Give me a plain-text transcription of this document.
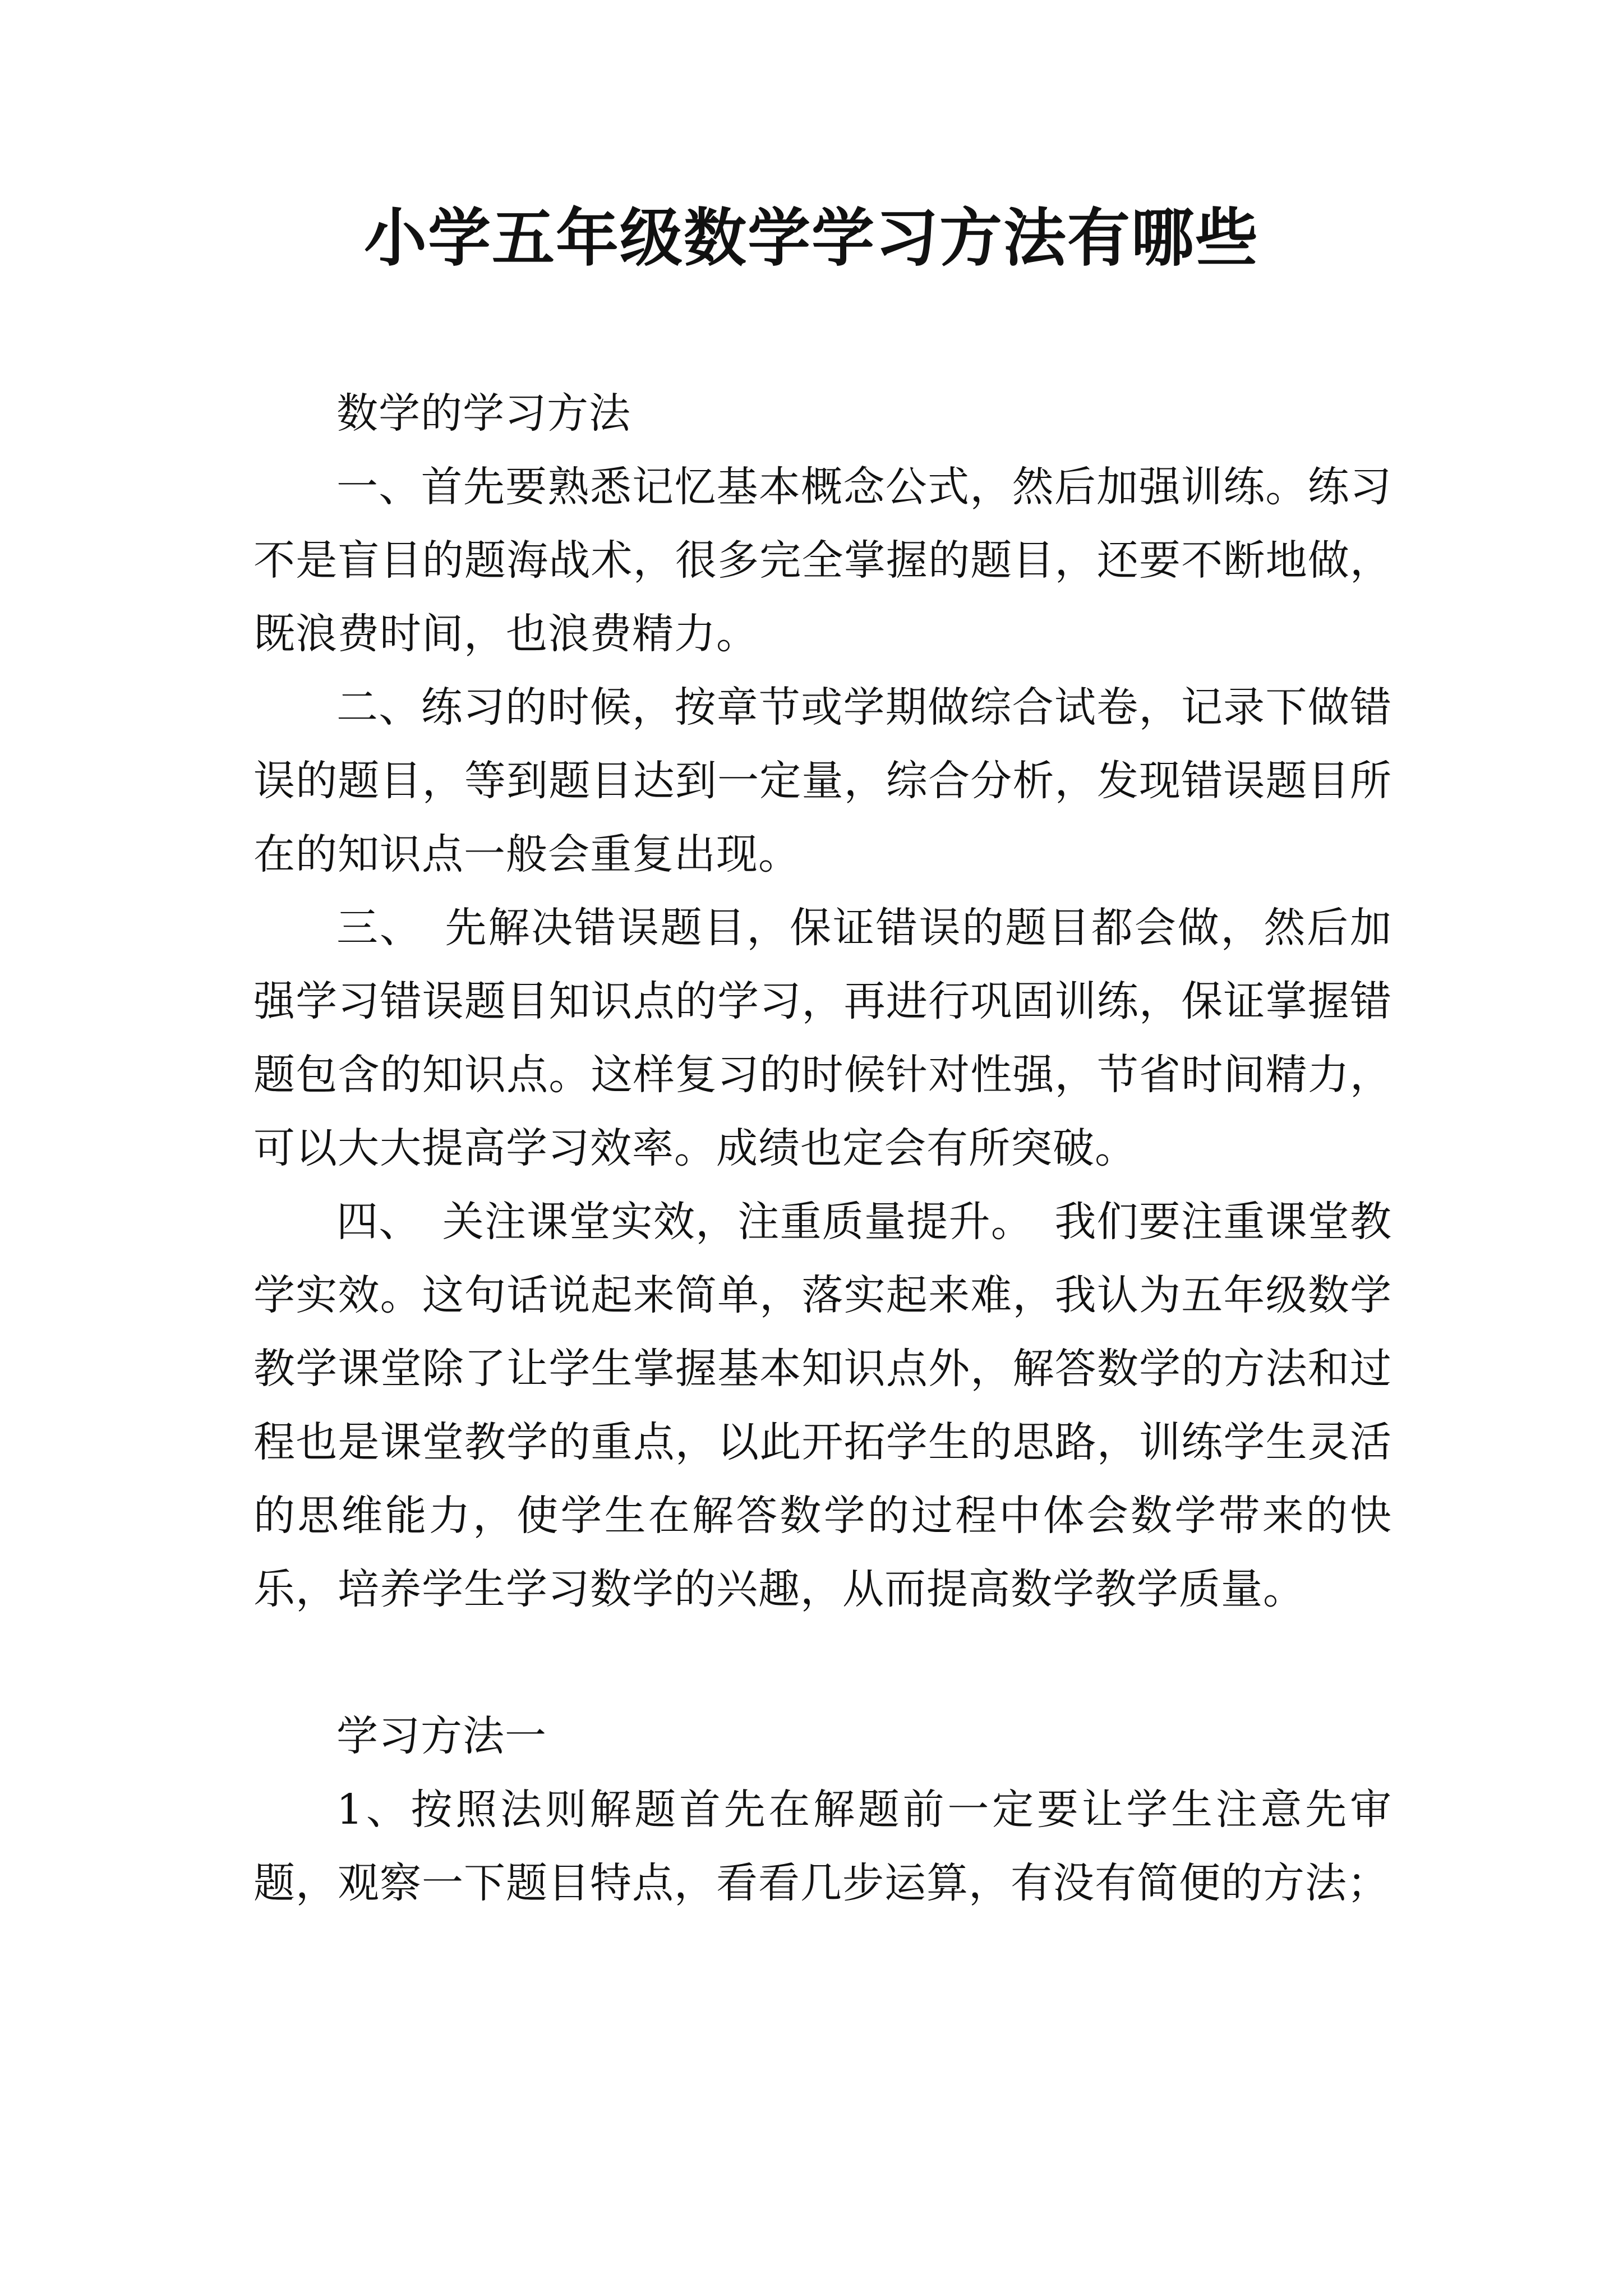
小学五年级数学学习方法有哪些

数学的学习方法

一、首先要熟悉记忆基本概念公式，然后加强训练。练习不是盲目的题海战术，很多完全掌握的题目，还要不断地做，既浪费时间，也浪费精力。

二、练习的时候，按章节或学期做综合试卷，记录下做错误的题目，等到题目达到一定量，综合分析，发现错误题目所在的知识点一般会重复出现。

三、　先解决错误题目，保证错误的题目都会做，然后加强学习错误题目知识点的学习，再进行巩固训练，保证掌握错题包含的知识点。这样复习的时候针对性强，节省时间精力，可以大大提高学习效率。成绩也定会有所突破。

四、　关注课堂实效，注重质量提升。　我们要注重课堂教学实效。这句话说起来简单，落实起来难，我认为五年级数学教学课堂除了让学生掌握基本知识点外，解答数学的方法和过程也是课堂教学的重点，以此开拓学生的思路，训练学生灵活的思维能力，使学生在解答数学的过程中体会数学带来的快乐，培养学生学习数学的兴趣，从而提高数学教学质量。

学习方法一

1、按照法则解题首先在解题前一定要让学生注意先审题，观察一下题目特点，看看几步运算，有没有简便的方法；
